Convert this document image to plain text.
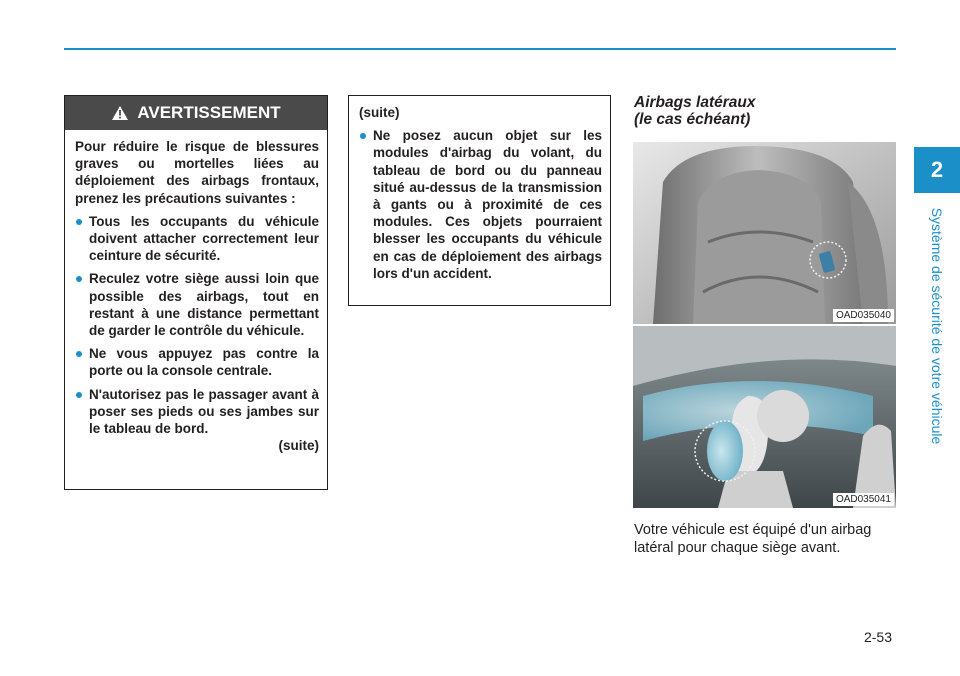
2
Système de sécurité de votre véhicule
AVERTISSEMENT

Pour réduire le risque de blessures graves ou mortelles liées au déploiement des airbags frontaux, prenez les précautions suivantes :

Tous les occupants du véhicule doivent attacher correctement leur ceinture de sécurité.

Reculez votre siège aussi loin que possible des airbags, tout en restant à une distance permettant de garder le contrôle du véhicule.

Ne vous appuyez pas contre la porte ou la console centrale.

N'autorisez pas le passager avant à poser ses pieds ou ses jambes sur le tableau de bord.

(suite)

(suite)

Ne posez aucun objet sur les modules d'airbag du volant, du tableau de bord ou du panneau situé au-dessus de la transmission à gants ou à proximité de ces modules. Ces objets pourraient blesser les occupants du véhicule en cas de déploiement des airbags lors d'un accident.

Airbags latéraux
(le cas échéant)
OAD035040
OAD035041

Votre véhicule est équipé d'un airbag latéral pour chaque siège avant.

2-53
